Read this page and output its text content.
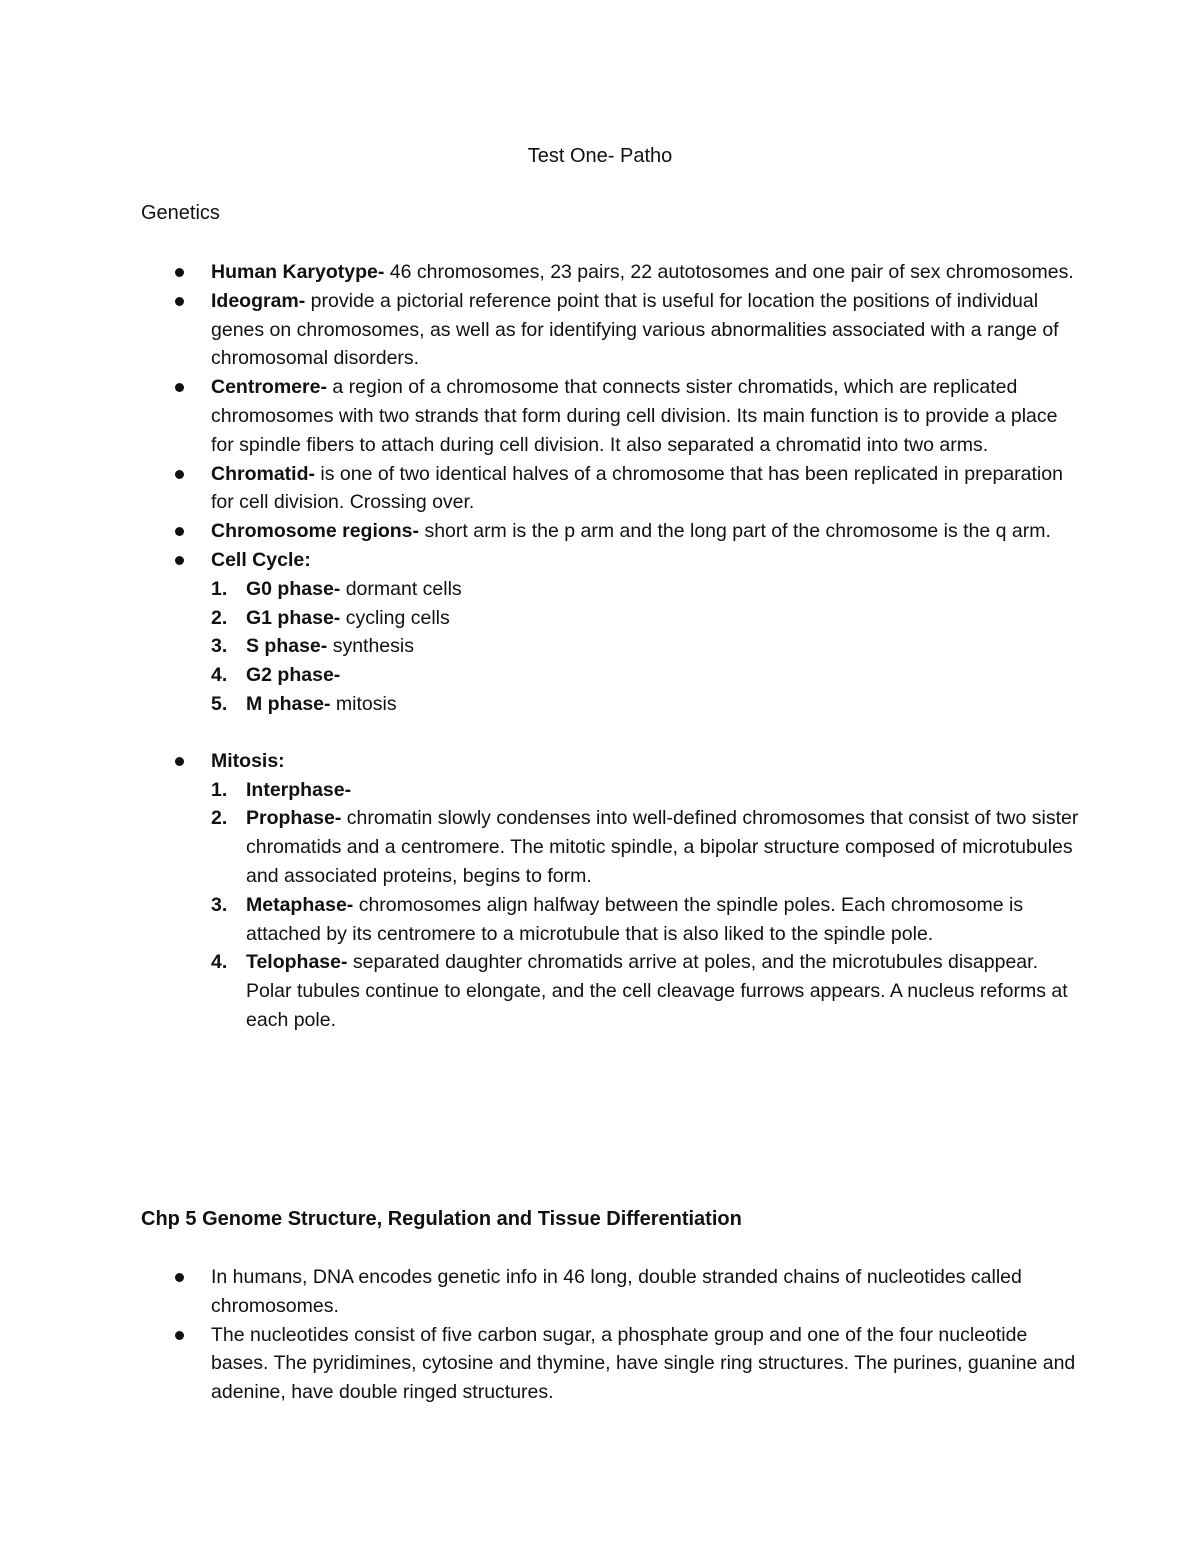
Test One- Patho
Genetics
Human Karyotype- 46 chromosomes, 23 pairs, 22 autotosomes and one pair of sex chromosomes.
Ideogram- provide a pictorial reference point that is useful for location the positions of individual genes on chromosomes, as well as for identifying various abnormalities associated with a range of chromosomal disorders.
Centromere- a region of a chromosome that connects sister chromatids, which are replicated chromosomes with two strands that form during cell division. Its main function is to provide a place for spindle fibers to attach during cell division. It also separated a chromatid into two arms.
Chromatid- is one of two identical halves of a chromosome that has been replicated in preparation for cell division. Crossing over.
Chromosome regions- short arm is the p arm and the long part of the chromosome is the q arm.
Cell Cycle:
1. G0 phase- dormant cells
2. G1 phase- cycling cells
3. S phase- synthesis
4. G2 phase-
5. M phase- mitosis
Mitosis:
1. Interphase-
2. Prophase- chromatin slowly condenses into well-defined chromosomes that consist of two sister chromatids and a centromere. The mitotic spindle, a bipolar structure composed of microtubules and associated proteins, begins to form.
3. Metaphase- chromosomes align halfway between the spindle poles. Each chromosome is attached by its centromere to a microtubule that is also liked to the spindle pole.
4. Telophase- separated daughter chromatids arrive at poles, and the microtubules disappear. Polar tubules continue to elongate, and the cell cleavage furrows appears. A nucleus reforms at each pole.
Chp 5 Genome Structure, Regulation and Tissue Differentiation
In humans, DNA encodes genetic info in 46 long, double stranded chains of nucleotides called chromosomes.
The nucleotides consist of five carbon sugar, a phosphate group and one of the four nucleotide bases. The pyridimines, cytosine and thymine, have single ring structures. The purines, guanine and adenine, have double ringed structures.
